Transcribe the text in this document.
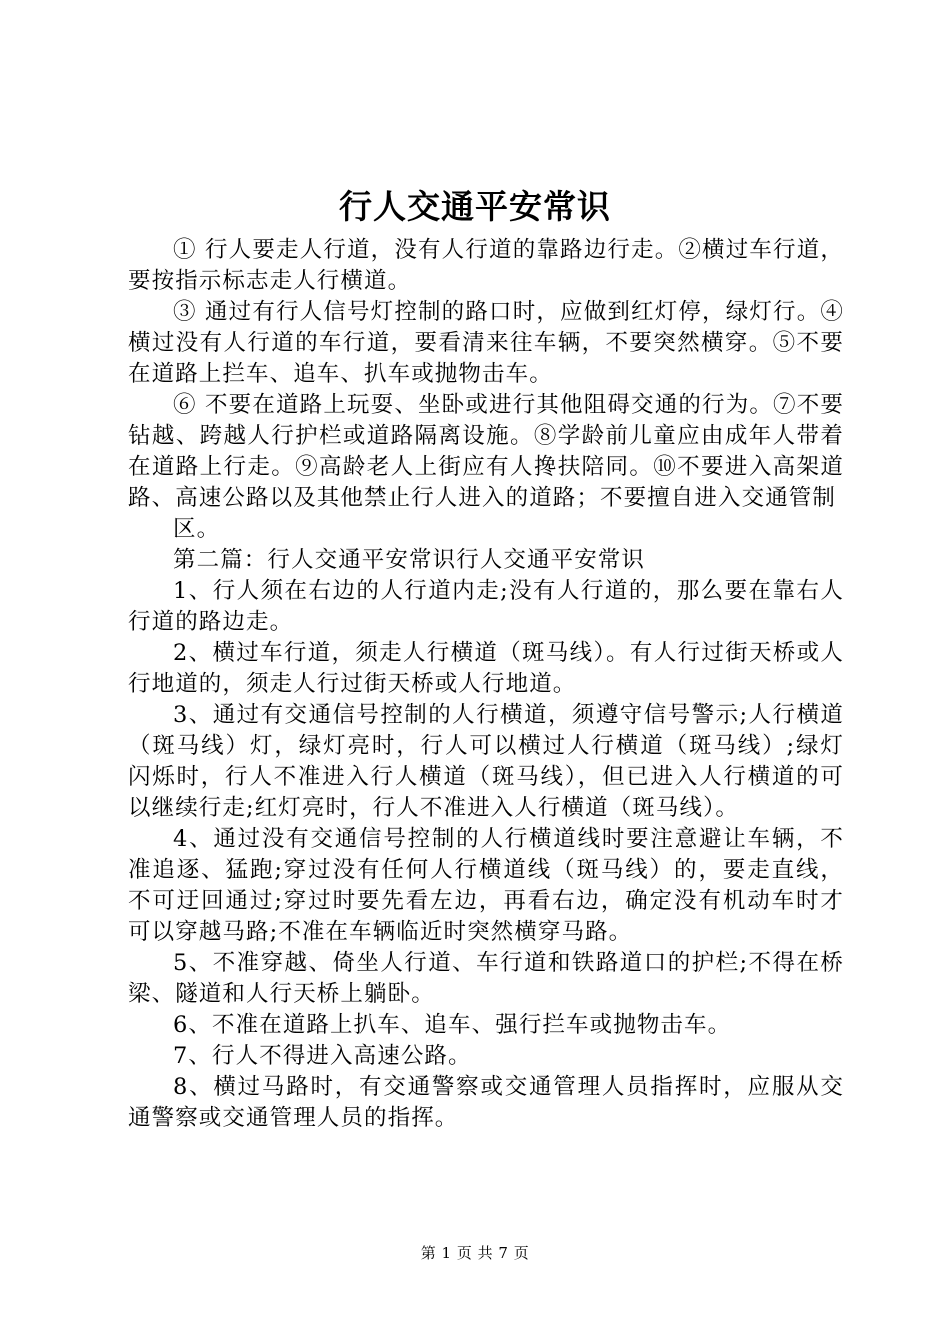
行人交通平安常识

① 行人要走人行道，没有人行道的靠路边行走。②横过车行道，要按指示标志走人行横道。

③ 通过有行人信号灯控制的路口时，应做到红灯停，绿灯行。④横过没有人行道的车行道，要看清来往车辆，不要突然横穿。⑤不要在道路上拦车、追车、扒车或抛物击车。

⑥ 不要在道路上玩耍、坐卧或进行其他阻碍交通的行为。⑦不要钻越、跨越人行护栏或道路隔离设施。⑧学龄前儿童应由成年人带着在道路上行走。⑨高龄老人上街应有人搀扶陪同。⑩不要进入高架道路、高速公路以及其他禁止行人进入的道路；不要擅自进入交通管制

区。

第二篇：行人交通平安常识行人交通平安常识

1、行人须在右边的人行道内走;没有人行道的，那么要在靠右人行道的路边走。

2、横过车行道，须走人行横道（斑马线）。有人行过街天桥或人行地道的，须走人行过街天桥或人行地道。

3、通过有交通信号控制的人行横道，须遵守信号警示;人行横道（斑马线）灯，绿灯亮时，行人可以横过人行横道（斑马线）;绿灯闪烁时，行人不准进入行人横道（斑马线），但已进入人行横道的可以继续行走;红灯亮时，行人不准进入人行横道（斑马线）。

4、通过没有交通信号控制的人行横道线时要注意避让车辆，不准追逐、猛跑;穿过没有任何人行横道线（斑马线）的，要走直线，不可迂回通过;穿过时要先看左边，再看右边，确定没有机动车时才可以穿越马路;不准在车辆临近时突然横穿马路。

5、不准穿越、倚坐人行道、车行道和铁路道口的护栏;不得在桥梁、隧道和人行天桥上躺卧。

6、不准在道路上扒车、追车、强行拦车或抛物击车。

7、行人不得进入高速公路。

8、横过马路时，有交通警察或交通管理人员指挥时，应服从交通警察或交通管理人员的指挥。

第 1 页 共 7 页
